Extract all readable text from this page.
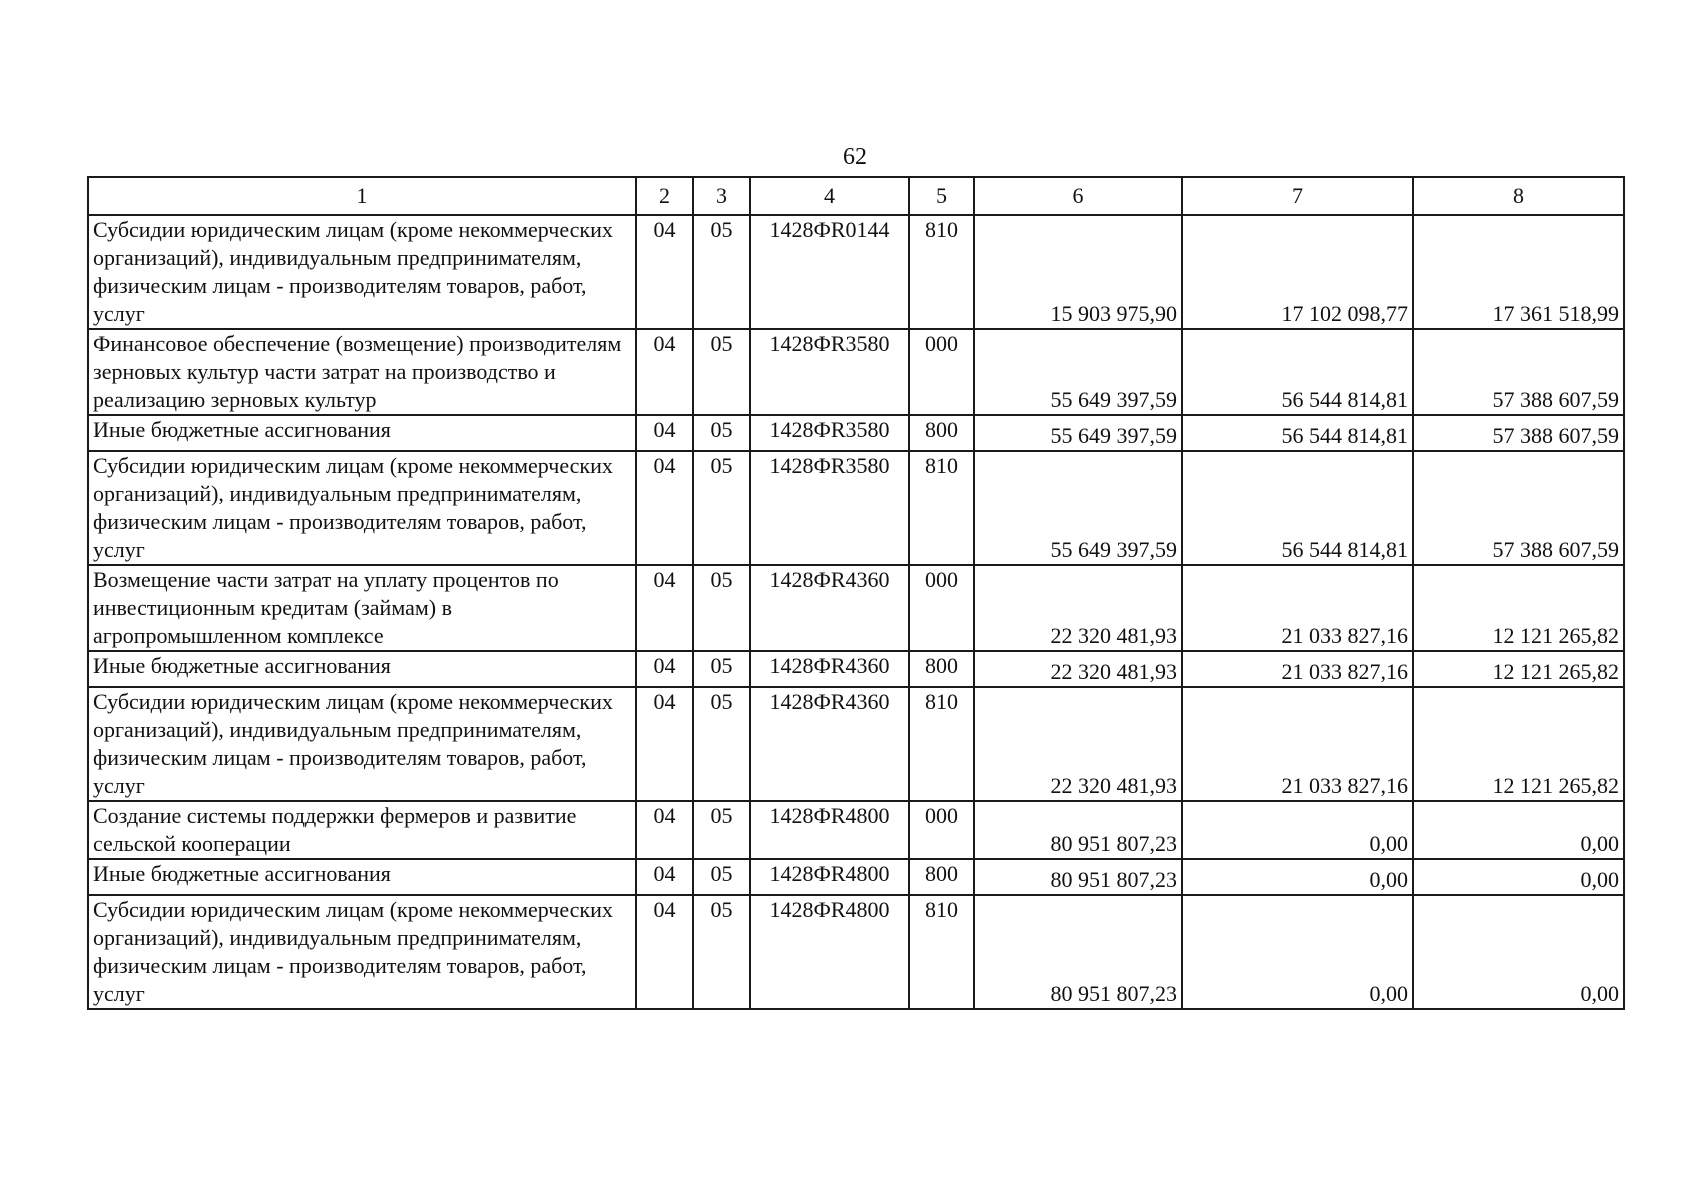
62
1	2	3	4	5	6	7	8
Субсидии юридическим лицам (кроме некоммерческих организаций), индивидуальным предпринимателям, физическим лицам - производителям товаров, работ, услуг	04	05	1428ФR0144	810	15 903 975,90	17 102 098,77	17 361 518,99
Финансовое обеспечение (возмещение) производителям зерновых культур части затрат на производство и реализацию зерновых культур	04	05	1428ФR3580	000	55 649 397,59	56 544 814,81	57 388 607,59
Иные бюджетные ассигнования	04	05	1428ФR3580	800	55 649 397,59	56 544 814,81	57 388 607,59
Субсидии юридическим лицам (кроме некоммерческих организаций), индивидуальным предпринимателям, физическим лицам - производителям товаров, работ, услуг	04	05	1428ФR3580	810	55 649 397,59	56 544 814,81	57 388 607,59
Возмещение части затрат на уплату процентов по инвестиционным кредитам (займам) в агропромышленном комплексе	04	05	1428ФR4360	000	22 320 481,93	21 033 827,16	12 121 265,82
Иные бюджетные ассигнования	04	05	1428ФR4360	800	22 320 481,93	21 033 827,16	12 121 265,82
Субсидии юридическим лицам (кроме некоммерческих организаций), индивидуальным предпринимателям, физическим лицам - производителям товаров, работ, услуг	04	05	1428ФR4360	810	22 320 481,93	21 033 827,16	12 121 265,82
Создание системы поддержки фермеров и развитие сельской кооперации	04	05	1428ФR4800	000	80 951 807,23	0,00	0,00
Иные бюджетные ассигнования	04	05	1428ФR4800	800	80 951 807,23	0,00	0,00
Субсидии юридическим лицам (кроме некоммерческих организаций), индивидуальным предпринимателям, физическим лицам - производителям товаров, работ, услуг	04	05	1428ФR4800	810	80 951 807,23	0,00	0,00
